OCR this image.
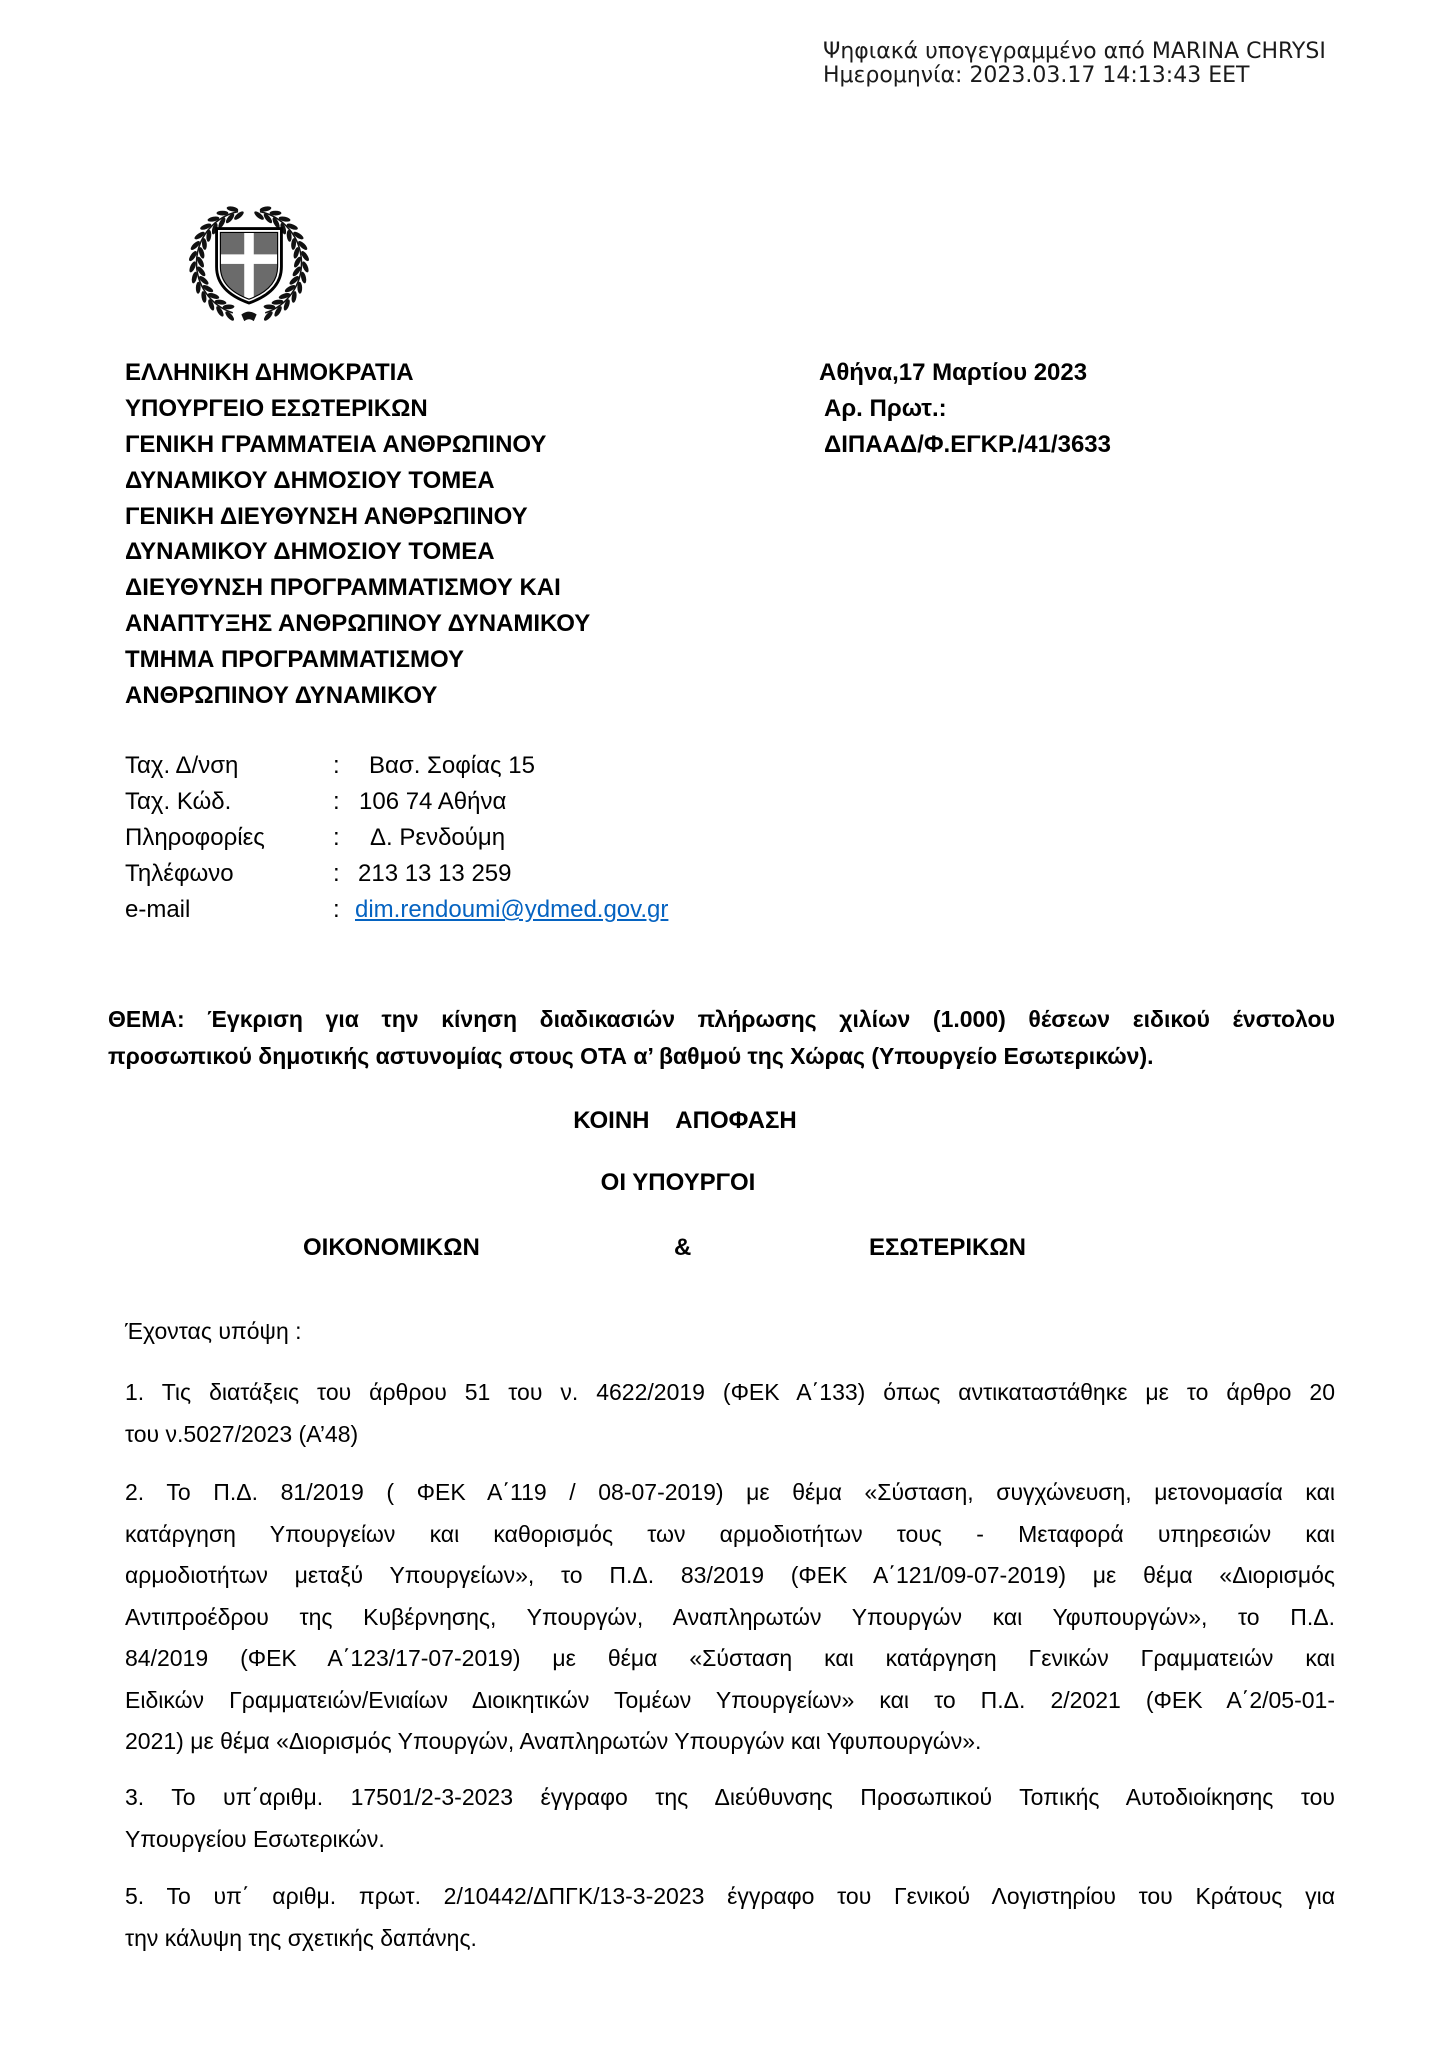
Ψηφιακά υπογεγραμμένο από MARINA CHRYSI
Ημερομηνία: 2023.03.17 14:13:43 EET
ΕΛΛΗΝΙΚΗ ΔΗΜΟΚΡΑΤΙΑ
ΥΠΟΥΡΓΕΙΟ ΕΣΩΤΕΡΙΚΩΝ
ΓΕΝΙΚΗ ΓΡΑΜΜΑΤΕΙΑ ΑΝΘΡΩΠΙΝΟΥ
ΔΥΝΑΜΙΚΟΥ ΔΗΜΟΣΙΟΥ ΤΟΜΕΑ
ΓΕΝΙΚΗ ΔΙΕΥΘΥΝΣΗ ΑΝΘΡΩΠΙΝΟΥ
ΔΥΝΑΜΙΚΟΥ ΔΗΜΟΣΙΟΥ ΤΟΜΕΑ
ΔΙΕΥΘΥΝΣΗ ΠΡΟΓΡΑΜΜΑΤΙΣΜΟΥ ΚΑΙ
ΑΝΑΠΤΥΞΗΣ ΑΝΘΡΩΠΙΝΟΥ ΔΥΝΑΜΙΚΟΥ
ΤΜΗΜΑ ΠΡΟΓΡΑΜΜΑΤΙΣΜΟΥ
ΑΝΘΡΩΠΙΝΟΥ ΔΥΝΑΜΙΚΟΥ
Αθήνα,17 Μαρτίου 2023
Αρ. Πρωτ.:
ΔΙΠΑΑΔ/Φ.ΕΓΚΡ./41/3633
Ταχ. Δ/νση	: Βασ. Σοφίας 15
Ταχ. Κώδ.	: 106 74 Αθήνα
Πληροφορίες	: Δ. Ρενδούμη
Τηλέφωνο	: 213 13 13 259
e-mail	: dim.rendoumi@ydmed.gov.gr
ΘΕΜΑ: Έγκριση για την κίνηση διαδικασιών πλήρωσης χιλίων (1.000) θέσεων ειδικού ένστολου
προσωπικού δημοτικής αστυνομίας στους ΟΤΑ α’ βαθμού της Χώρας (Υπουργείο Εσωτερικών).
ΚΟΙΝΗ    ΑΠΟΦΑΣΗ
ΟΙ ΥΠΟΥΡΓΟΙ
ΟΙΚΟΝΟΜΙΚΩΝ	&	ΕΣΩΤΕΡΙΚΩΝ
Έχοντας υπόψη :
1. Τις διατάξεις του άρθρου 51 του ν. 4622/2019 (ΦΕΚ Α΄133) όπως αντικαταστάθηκε με το άρθρο 20
του ν.5027/2023 (Α’48)
2. Το Π.Δ. 81/2019 ( ΦΕΚ Α΄119 / 08-07-2019) με θέμα «Σύσταση, συγχώνευση, μετονομασία και
κατάργηση Υπουργείων και καθορισμός των αρμοδιοτήτων τους - Μεταφορά υπηρεσιών και
αρμοδιοτήτων μεταξύ Υπουργείων», το Π.Δ. 83/2019 (ΦΕΚ Α΄121/09-07-2019) με θέμα «Διορισμός
Αντιπροέδρου της Κυβέρνησης, Υπουργών, Αναπληρωτών Υπουργών και Υφυπουργών», το Π.Δ.
84/2019 (ΦΕΚ Α΄123/17-07-2019) με θέμα «Σύσταση και κατάργηση Γενικών Γραμματειών και
Ειδικών Γραμματειών/Ενιαίων Διοικητικών Τομέων Υπουργείων» και το Π.Δ. 2/2021 (ΦΕΚ Α΄2/05-01-
2021) με θέμα «Διορισμός Υπουργών, Αναπληρωτών Υπουργών και Υφυπουργών».
3. Το υπ΄αριθμ. 17501/2-3-2023 έγγραφο της Διεύθυνσης Προσωπικού Τοπικής Αυτοδιοίκησης του
Υπουργείου Εσωτερικών.
5. Το υπ΄ αριθμ. πρωτ. 2/10442/ΔΠΓΚ/13-3-2023 έγγραφο του Γενικού Λογιστηρίου του Κράτους για
την κάλυψη της σχετικής δαπάνης.
